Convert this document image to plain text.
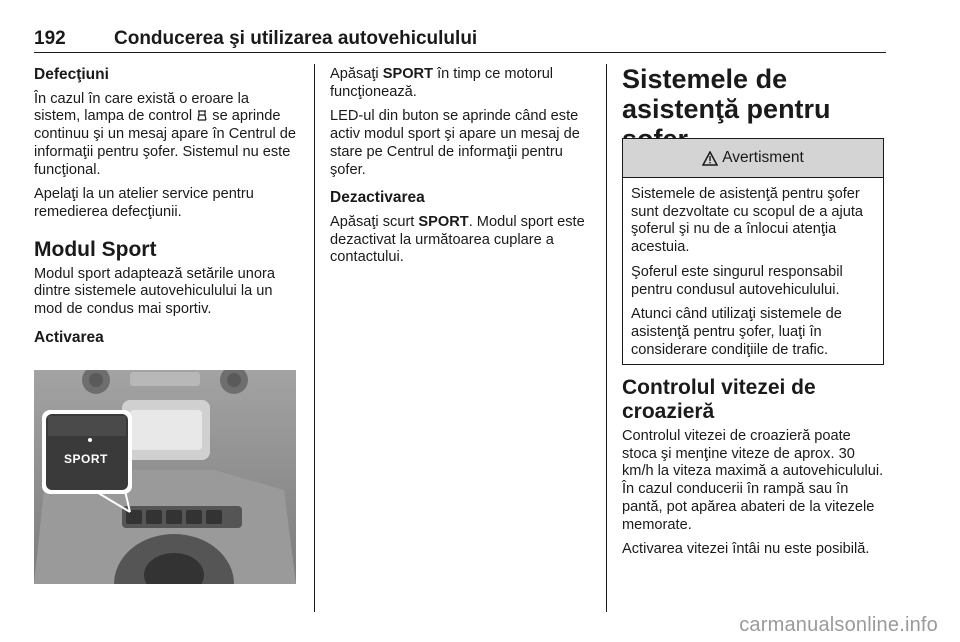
192	Conducerea şi utilizarea autovehiculului
Defecţiuni

În cazul în care există o eroare la sistem, lampa de control  se aprinde continuu şi un mesaj apare în Centrul de informaţii pentru şofer. Sistemul nu este funcţional.

Apelaţi la un atelier service pentru remedierea defecţiunii.

Modul Sport

Modul sport adaptează setările unora dintre sistemele autovehiculului la un mod de condus mai sportiv.

Activarea
SPORT

Apăsaţi SPORT în timp ce motorul funcţionează.

LED-ul din buton se aprinde când este activ modul sport şi apare un mesaj de stare pe Centrul de informaţii pentru şofer.

Dezactivarea

Apăsaţi scurt SPORT. Modul sport este dezactivat la următoarea cuplare a contactului.

Sistemele de asistenţă pentru
Avertisment

Sistemele de asistenţă pentru şofer sunt dezvoltate cu scopul de a ajuta şoferul şi nu de a înlocui atenţia acestuia.

Şoferul este singurul responsabil pentru condusul autovehiculului.

Atunci când utilizaţi sistemele de asistenţă pentru şofer, luaţi în considerare condiţiile de trafic.

Controlul vitezei de croazieră

Controlul vitezei de croazieră poate stoca şi menţine viteze de aprox. 30 km/h la viteza maximă a autovehiculului. În cazul conducerii în rampă sau în pantă, pot apărea abateri de la vitezele memorate.

Activarea vitezei întâi nu este posibilă.

carmanualsonline.info
